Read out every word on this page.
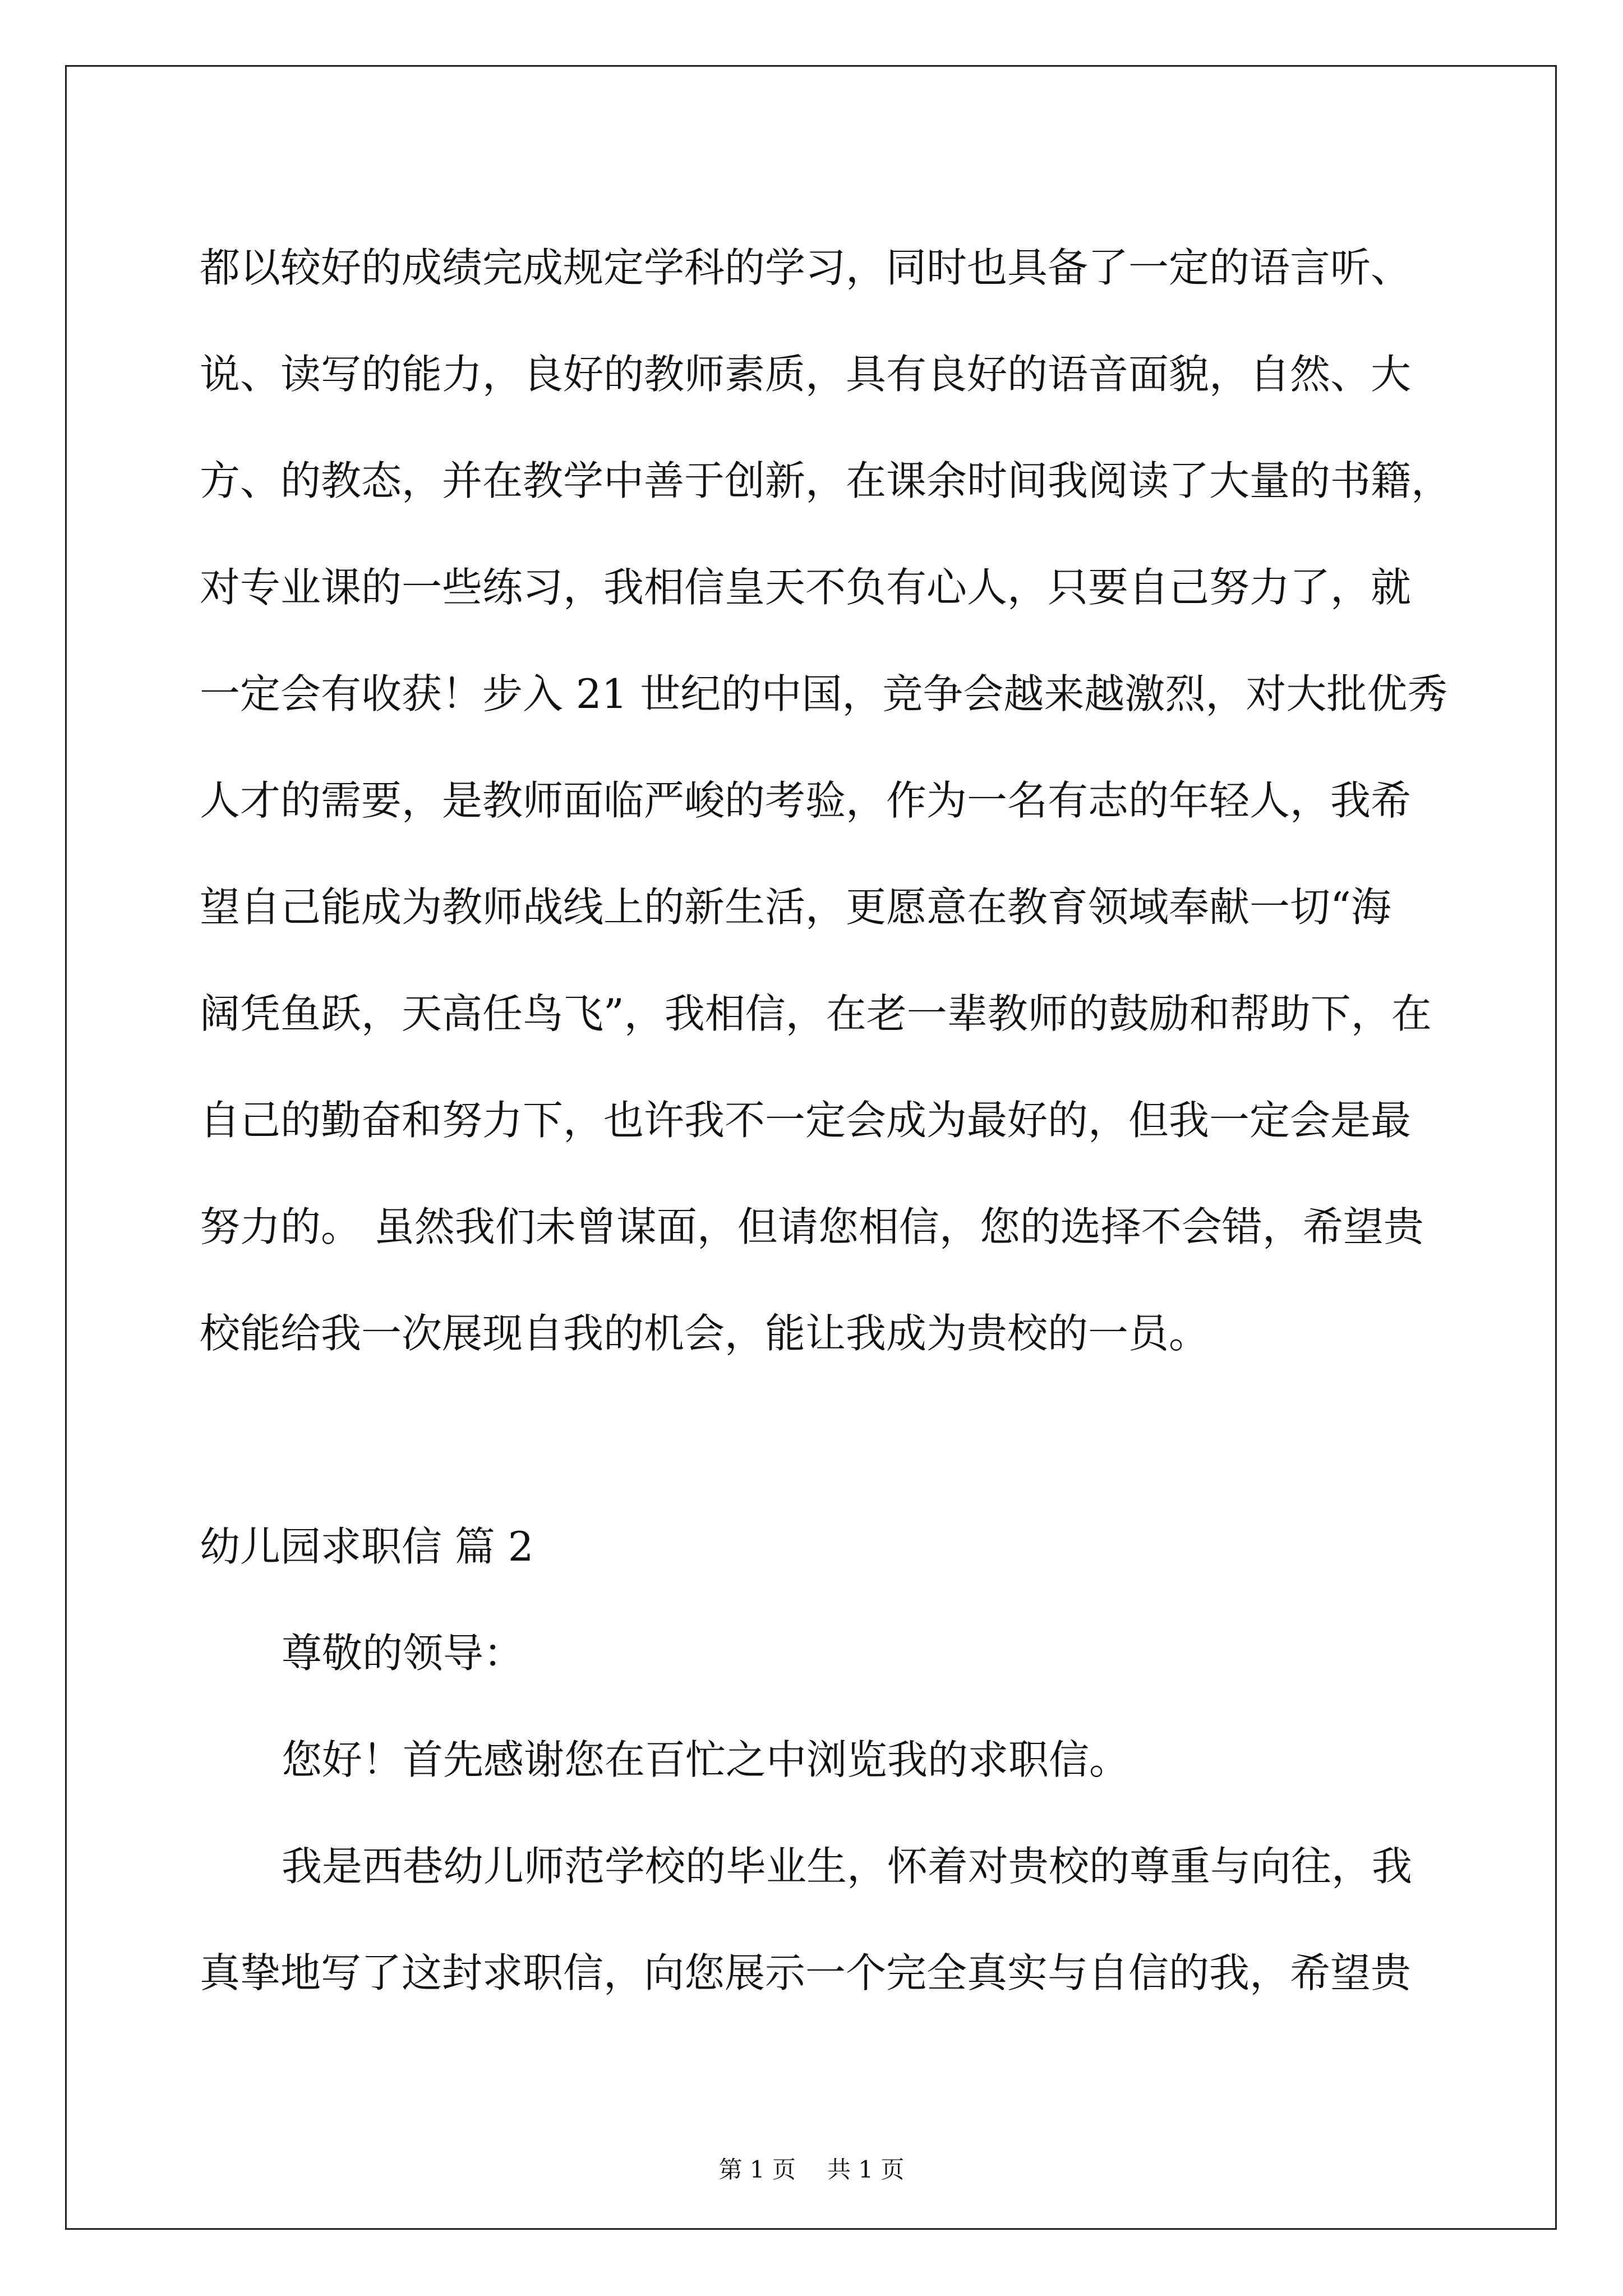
都以较好的成绩完成规定学科的学习，同时也具备了一定的语言听、
说、读写的能力，良好的教师素质，具有良好的语音面貌，自然、大
方、的教态，并在教学中善于创新，在课余时间我阅读了大量的书籍，
对专业课的一些练习，我相信皇天不负有心人，只要自己努力了，就
一定会有收获！步入 21 世纪的中国，竞争会越来越激烈，对大批优秀
人才的需要，是教师面临严峻的考验，作为一名有志的年轻人，我希
望自己能成为教师战线上的新生活，更愿意在教育领域奉献一切“海
阔凭鱼跃，天高任鸟飞”，我相信，在老一辈教师的鼓励和帮助下，在
自己的勤奋和努力下，也许我不一定会成为最好的，但我一定会是最
努力的。 虽然我们未曾谋面，但请您相信，您的选择不会错，希望贵
校能给我一次展现自我的机会，能让我成为贵校的一员。
幼儿园求职信 篇 2
尊敬的领导：
您好！首先感谢您在百忙之中浏览我的求职信。
我是西巷幼儿师范学校的毕业生，怀着对贵校的尊重与向往，我
真挚地写了这封求职信，向您展示一个完全真实与自信的我，希望贵
第 1 页 共 1 页
